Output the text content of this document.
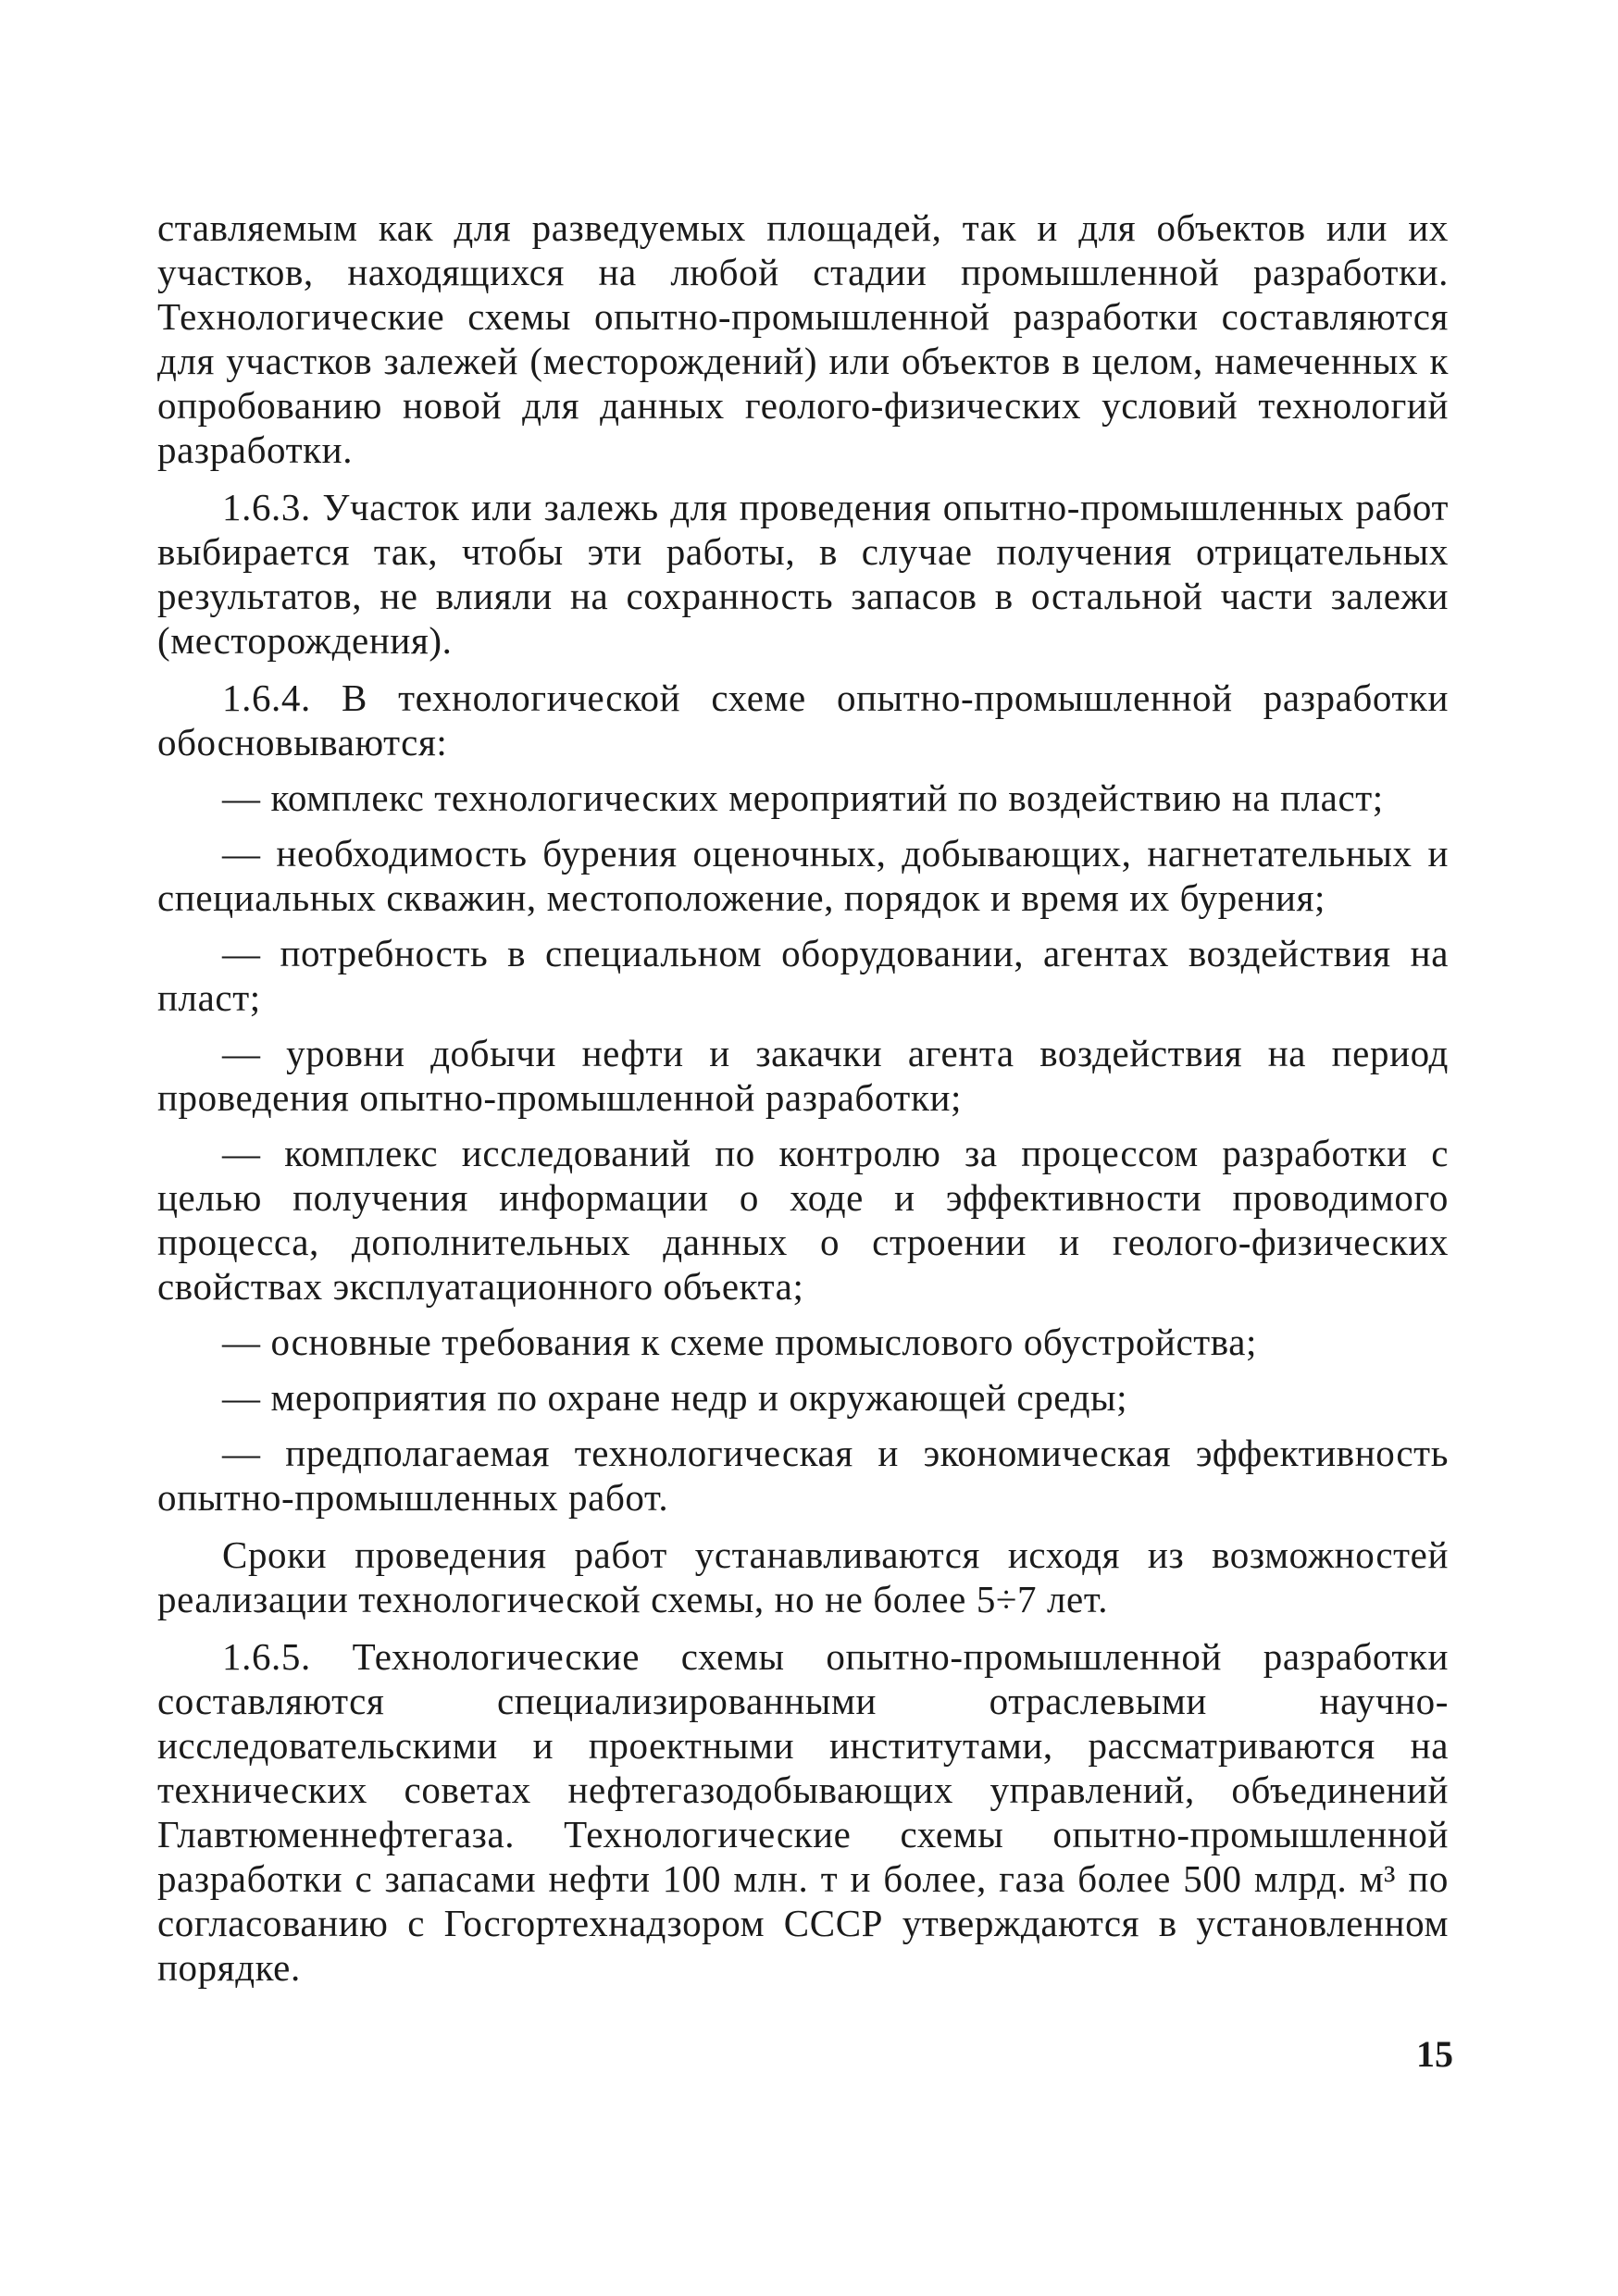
ставляемым как для разведуемых площадей, так и для объектов или их участков, находящихся на любой стадии промышленной разработки. Технологические схемы опытно-промышленной разработки составляются для участков залежей (месторождений) или объектов в целом, намеченных к опробованию новой для данных геолого-физических условий технологий разработки.

1.6.3. Участок или залежь для проведения опытно-промышленных работ выбирается так, чтобы эти работы, в случае получения отрицательных результатов, не влияли на сохранность запасов в остальной части залежи (месторождения).

1.6.4. В технологической схеме опытно-промышленной разработки обосновываются:

— комплекс технологических мероприятий по воздействию на пласт;

— необходимость бурения оценочных, добывающих, нагнетательных и специальных скважин, местоположение, порядок и время их бурения;

— потребность в специальном оборудовании, агентах воздействия на пласт;

— уровни добычи нефти и закачки агента воздействия на период проведения опытно-промышленной разработки;

— комплекс исследований по контролю за процессом разработки с целью получения информации о ходе и эффективности проводимого процесса, дополнительных данных о строении и геолого-физических свойствах эксплуатационного объекта;

— основные требования к схеме промыслового обустройства;

— мероприятия по охране недр и окружающей среды;

— предполагаемая технологическая и экономическая эффективность опытно-промышленных работ.

Сроки проведения работ устанавливаются исходя из возможностей реализации технологической схемы, но не более 5÷7 лет.

1.6.5. Технологические схемы опытно-промышленной разработки составляются специализированными отраслевыми научно-исследовательскими и проектными институтами, рассматриваются на технических советах нефтегазодобывающих управлений, объединений Главтюменнефтегаза. Технологические схемы опытно-промышленной разработки с запасами нефти 100 млн. т и более, газа более 500 млрд. м³ по согласованию с Госгортехнадзором СССР утверждаются в установленном порядке.

15
